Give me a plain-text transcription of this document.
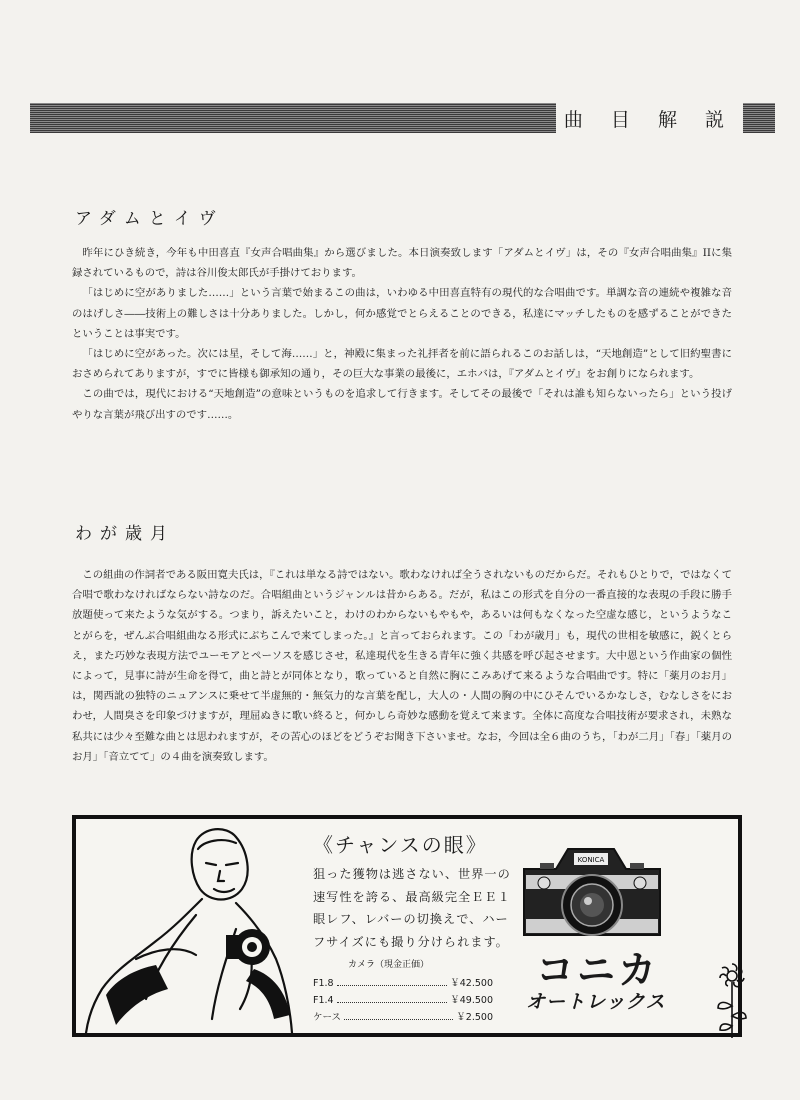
曲 目 解 説
アダムとイヴ

昨年にひき続き，今年も中田喜直『女声合唱曲集』から選びました。本日演奏致します「アダムとイヴ」は，その『女声合唱曲集』IIに集録されているもので，詩は谷川俊太郎氏が手掛けております。

「はじめに空がありました……」という言葉で始まるこの曲は，いわゆる中田喜直特有の現代的な合唱曲です。単調な音の連続や複雑な音のはげしさ――技術上の難しさは十分ありました。しかし，何か感覚でとらえることのできる，私達にマッチしたものを感ずることができたということは事実です。

「はじめに空があった。次には星，そして海……」と，神殿に集まった礼拝者を前に語られるこのお話しは，“天地創造”として旧約聖書におさめられてありますが，すでに皆様も御承知の通り，その巨大な事業の最後に，エホバは，『アダムとイヴ』をお創りになられます。

この曲では，現代における“天地創造”の意味というものを追求して行きます。そしてその最後で「それは誰も知らないったら」という投げやりな言葉が飛び出すのです……。

わが歳月

この組曲の作詞者である阪田寛夫氏は，『これは単なる詩ではない。歌わなければ全うされないものだからだ。それもひとりで，ではなくて合唱で歌わなければならない詩なのだ。合唱組曲というジャンルは昔からある。だが，私はこの形式を自分の一番直接的な表現の手段に勝手放題使って来たような気がする。つまり，訴えたいこと，わけのわからないもやもや，あるいは何もなくなった空虚な感じ，というようなことがらを，ぜんぶ合唱組曲なる形式にぶちこんで来てしまった。』と言っておられます。この「わが歳月」も，現代の世相を敏感に，鋭くとらえ，また巧妙な表現方法でユーモアとペーソスを感じさせ，私達現代を生きる青年に強く共感を呼び起させます。大中恩という作曲家の個性によって，見事に詩が生命を得て，曲と詩とが同体となり，歌っていると自然に胸にこみあげて来るような合唱曲です。特に「薬月のお月」は，関西訛の独特のニュアンスに乗せて半虚無的・無気力的な言葉を配し，大人の・人間の胸の中にひそんでいるかなしさ，むなしさをにおわせ，人間臭さを印象づけますが，理屈ぬきに歌い終ると，何かしら奇妙な感動を覚えて来ます。全体に高度な合唱技術が要求され，未熟な私共には少々至難な曲とは思われますが，その苦心のほどをどうぞお聞き下さいませ。なお，今回は全６曲のうち，「わが二月」「春」「薬月のお月」「音立てて」の４曲を演奏致します。

《チャンスの眼》
狙った獲物は逃さない、世界一の速写性を誇る、最高級完全ＥＥ１眼レフ、レバーの切換えで、ハーフサイズにも撮り分けられます。
カメラ（現金正価）
F1.8	￥42.500
F1.4	￥49.500
ケース	￥2.500
KONICA
コニカ
オートレックス
